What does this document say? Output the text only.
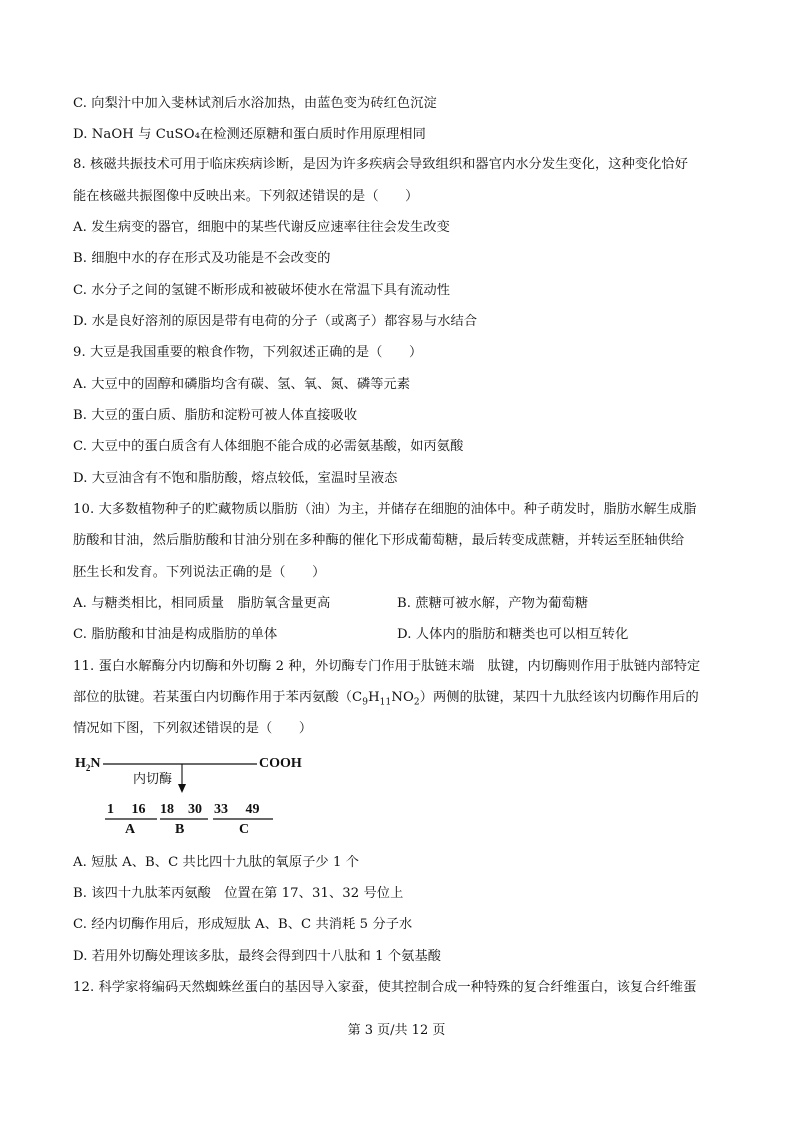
C. 向梨汁中加入斐林试剂后水浴加热，由蓝色变为砖红色沉淀
D. NaOH 与 CuSO₄在检测还原糖和蛋白质时作用原理相同
8. 核磁共振技术可用于临床疾病诊断，是因为许多疾病会导致组织和器官内水分发生变化，这种变化恰好
能在核磁共振图像中反映出来。下列叙述错误的是（　　）
A. 发生病变的器官，细胞中的某些代谢反应速率往往会发生改变
B. 细胞中水的存在形式及功能是不会改变的
C. 水分子之间的氢键不断形成和被破坏使水在常温下具有流动性
D. 水是良好溶剂的原因是带有电荷的分子（或离子）都容易与水结合
9. 大豆是我国重要的粮食作物，下列叙述正确的是（　　）
A. 大豆中的固醇和磷脂均含有碳、氢、氧、氮、磷等元素
B. 大豆的蛋白质、脂肪和淀粉可被人体直接吸收
C. 大豆中的蛋白质含有人体细胞不能合成的必需氨基酸，如丙氨酸
D. 大豆油含有不饱和脂肪酸，熔点较低，室温时呈液态
10. 大多数植物种子的贮藏物质以脂肪（油）为主，并储存在细胞的油体中。种子萌发时，脂肪水解生成脂
肪酸和甘油，然后脂肪酸和甘油分别在多种酶的催化下形成葡萄糖，最后转变成蔗糖，并转运至胚轴供给
胚生长和发育。下列说法正确的是（　　）
A. 与糖类相比，相同质量　脂肪氧含量更高	B. 蔗糖可被水解，产物为葡萄糖
C. 脂肪酸和甘油是构成脂肪的单体	D. 人体内的脂肪和糖类也可以相互转化
11. 蛋白水解酶分内切酶和外切酶 2 种，外切酶专门作用于肽链末端　肽键，内切酶则作用于肽链内部特定
部位的肽键。若某蛋白内切酶作用于苯丙氨酸$(C_9H_{11}NO_2)$两侧的肽键，某四十九肽经该内切酶作用后的
情况如下图，下列叙述错误的是（　　）
$H_2N$	COOH
内切酶
1　 16 18　30 33　 49
A	B	C
A. 短肽 A、B、C 共比四十九肽的氧原子少 1 个
B. 该四十九肽苯丙氨酸　位置在第 17、31、32 号位上
C. 经内切酶作用后，形成短肽 A、B、C 共消耗 5 分子水
D. 若用外切酶处理该多肽，最终会得到四十八肽和 1 个氨基酸
12. 科学家将编码天然蜘蛛丝蛋白的基因导入家蚕，使其控制合成一种特殊的复合纤维蛋白，该复合纤维蛋
第 3 页/共 12 页
